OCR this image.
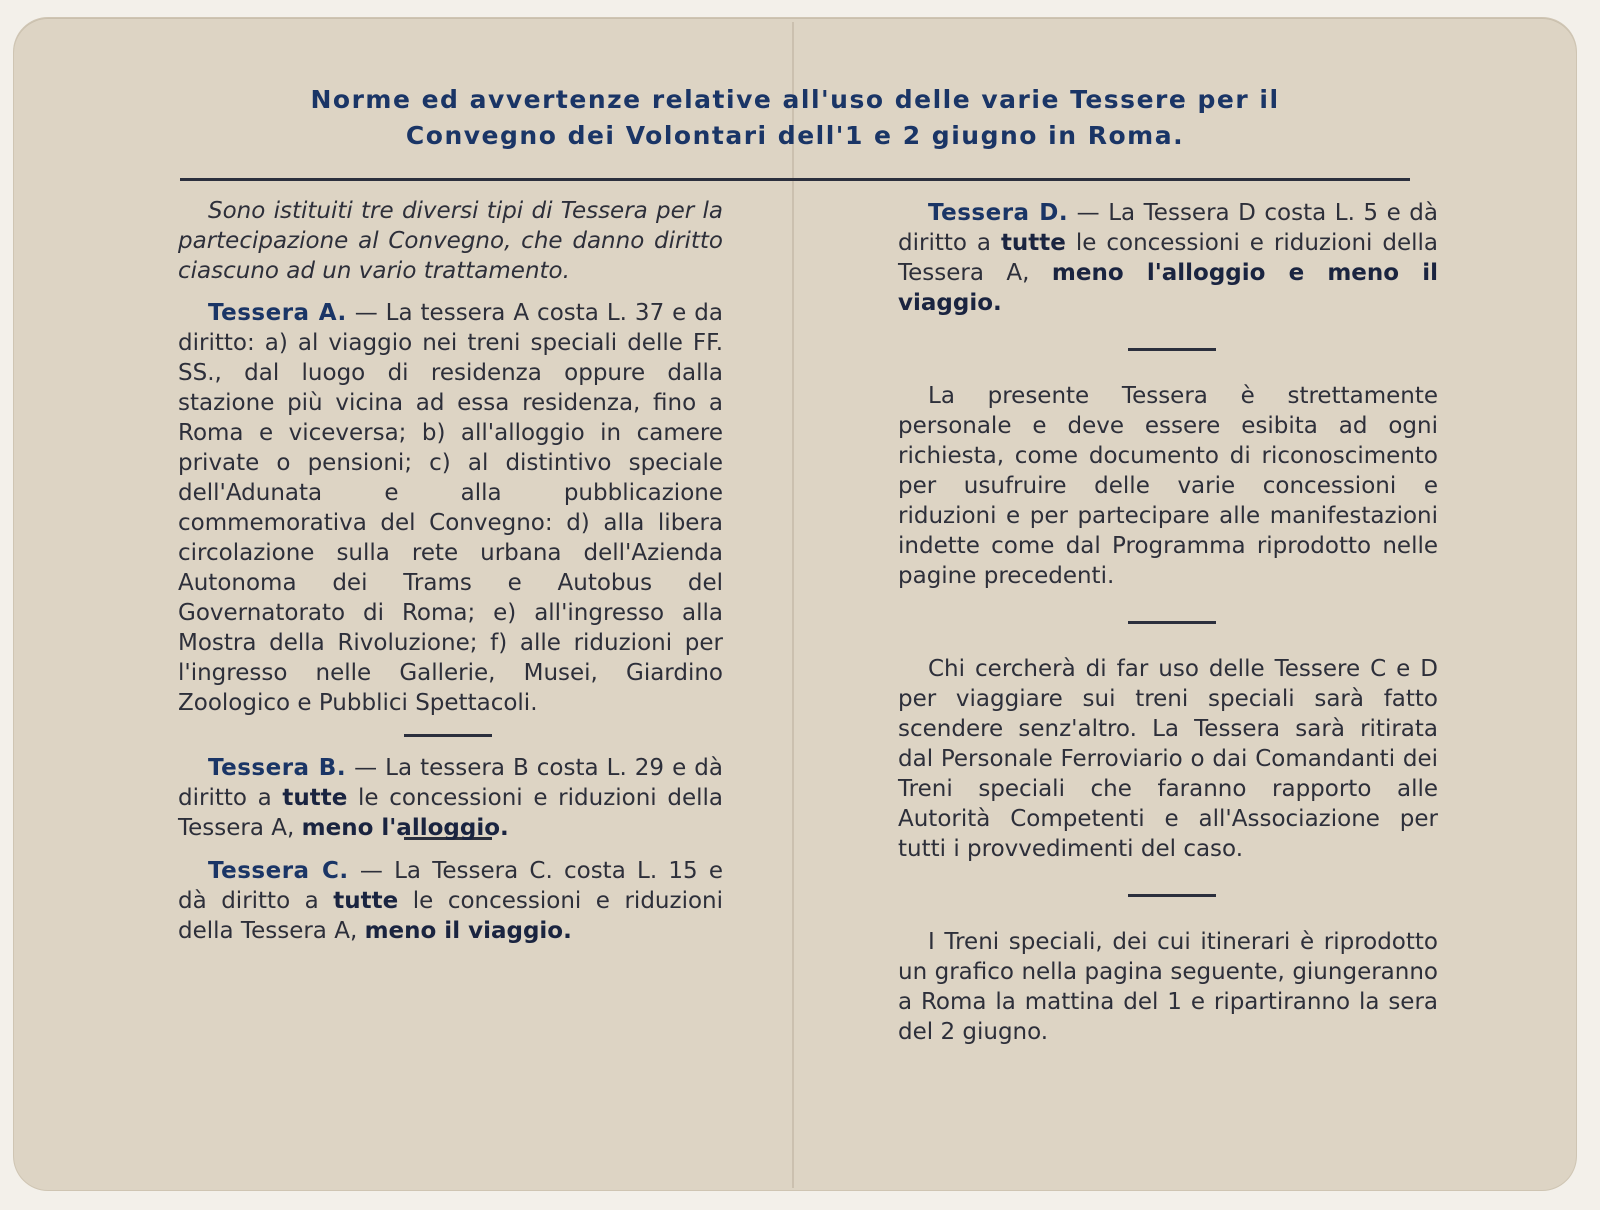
Norme ed avvertenze relative all'uso delle varie Tessere per il
Convegno dei Volontari dell'1 e 2 giugno in Roma.

Sono istituiti tre diversi tipi di Tessera per la partecipazione al Convegno, che danno diritto ciascuno ad un vario trattamento.

Tessera A. — La tessera A costa L. 37 e da diritto: a) al viaggio nei treni speciali delle FF. SS., dal luogo di residenza oppure dalla stazione più vicina ad essa residenza, fino a Roma e viceversa; b) all'alloggio in camere private o pensioni; c) al distintivo speciale dell'Adunata e alla pubblicazione commemorativa del Convegno: d) alla libera circolazione sulla rete urbana dell'Azienda Autonoma dei Trams e Autobus del Governatorato di Roma; e) all'ingresso alla Mostra della Rivoluzione; f) alle riduzioni per l'ingresso nelle Gallerie, Musei, Giardino Zoologico e Pubblici Spettacoli.

Tessera B. — La tessera B costa L. 29 e dà diritto a tutte le concessioni e riduzioni della Tessera A, meno l'alloggio.

Tessera C. — La Tessera C. costa L. 15 e dà diritto a tutte le concessioni e riduzioni della Tessera A, meno il viaggio.

Tessera D. — La Tessera D costa L. 5 e dà diritto a tutte le concessioni e riduzioni della Tessera A, meno l'alloggio e meno il viaggio.

La presente Tessera è strettamente personale e deve essere esibita ad ogni richiesta, come documento di riconoscimento per usufruire delle varie concessioni e riduzioni e per partecipare alle manifestazioni indette come dal Programma riprodotto nelle pagine precedenti.

Chi cercherà di far uso delle Tessere C e D per viaggiare sui treni speciali sarà fatto scendere senz'altro. La Tessera sarà ritirata dal Personale Ferroviario o dai Comandanti dei Treni speciali che faranno rapporto alle Autorità Competenti e all'Associazione per tutti i provvedimenti del caso.

I Treni speciali, dei cui itinerari è riprodotto un grafico nella pagina seguente, giungeranno a Roma la mattina del 1 e ripartiranno la sera del 2 giugno.
